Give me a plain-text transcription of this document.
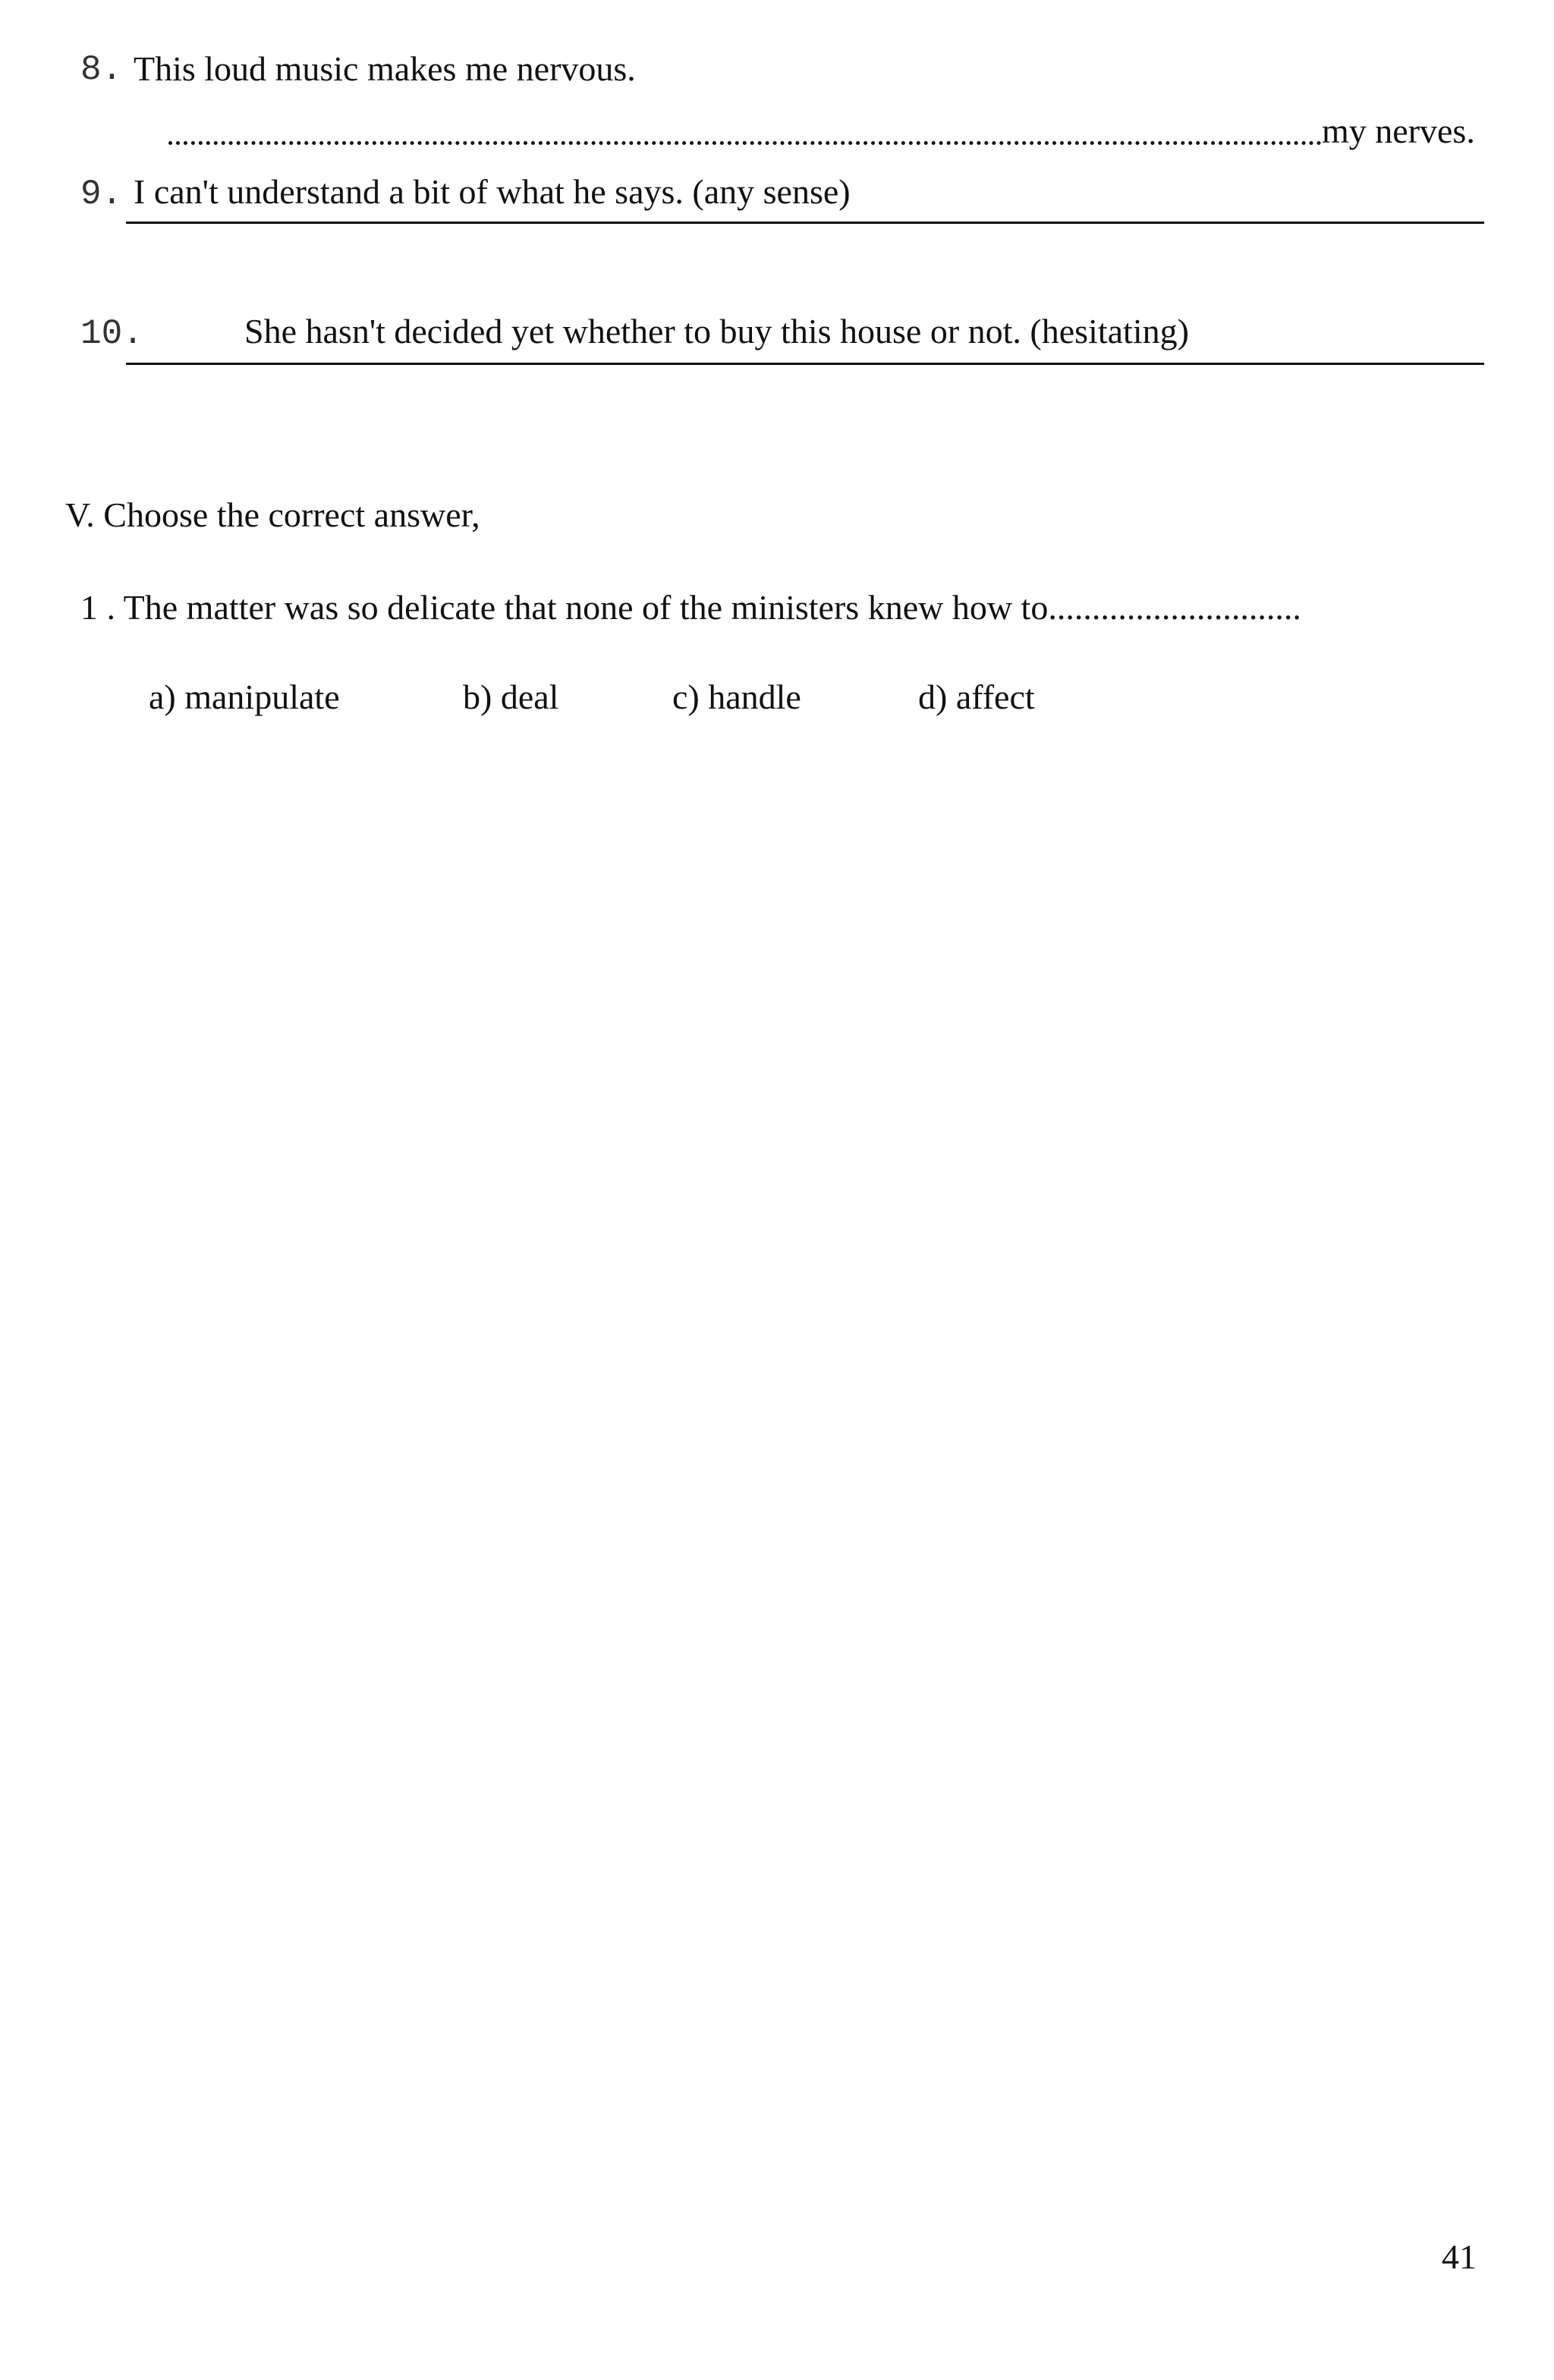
8. This loud music makes me nervous.
my nerves.
9. I can't understand a bit of what he says. (any sense)
10.	She hasn't decided yet whether to buy this house or not. (hesitating)
V. Choose the correct answer,
1 . The matter was so delicate that none of the ministers knew how to.............................
a) manipulate	b) deal	c) handle	d) affect
41
